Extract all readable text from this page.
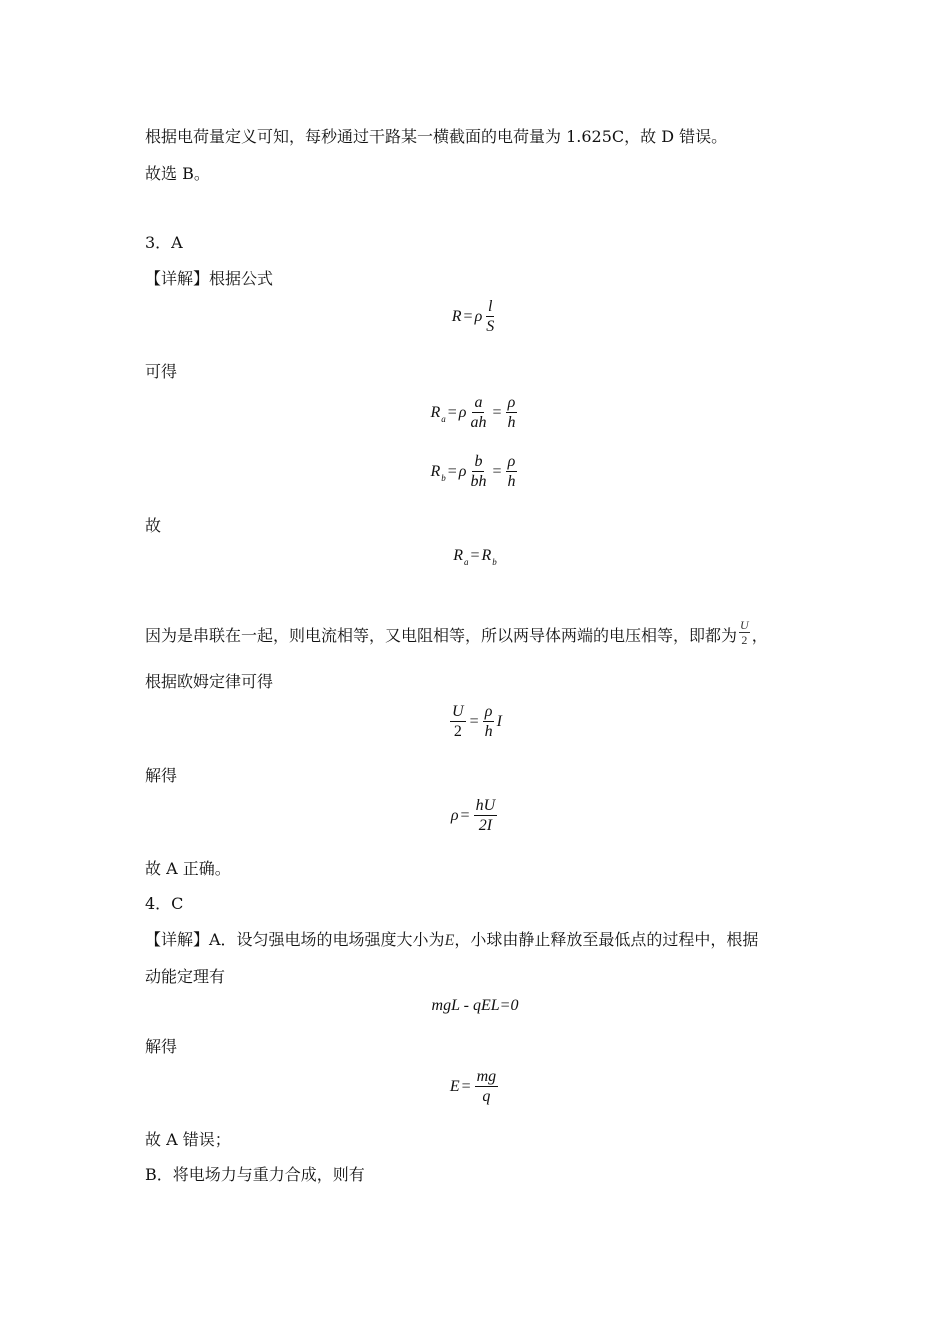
根据电荷量定义可知，每秒通过干路某一横截面的电荷量为 1.625C，故 D 错误。
故选 B。
3．A
【详解】根据公式
R = ρ $\frac{l}{S}$
可得
R a = ρ $\frac{a}{ah} = \frac{\rho}{h}$
R b = ρ $\frac{b}{bh} = \frac{\rho}{h}$
故
R a = R b
因为是串联在一起，则电流相等，又电阻相等，所以两导体两端的电压相等，即都为 $\frac{U}{2}$ ，
根据欧姆定律可得
$\frac{U}{2} = \frac{\rho}{h}$ I
解得
$\rho = \frac{hU}{2I}$
故 A 正确。
4．C
【详解】A．设匀强电场的电场强度大小为E，小球由静止释放至最低点的过程中，根据
动能定理有
mgL - qEL=0
解得
$E = \frac{mg}{q}$
故 A 错误；
B．将电场力与重力合成，则有
